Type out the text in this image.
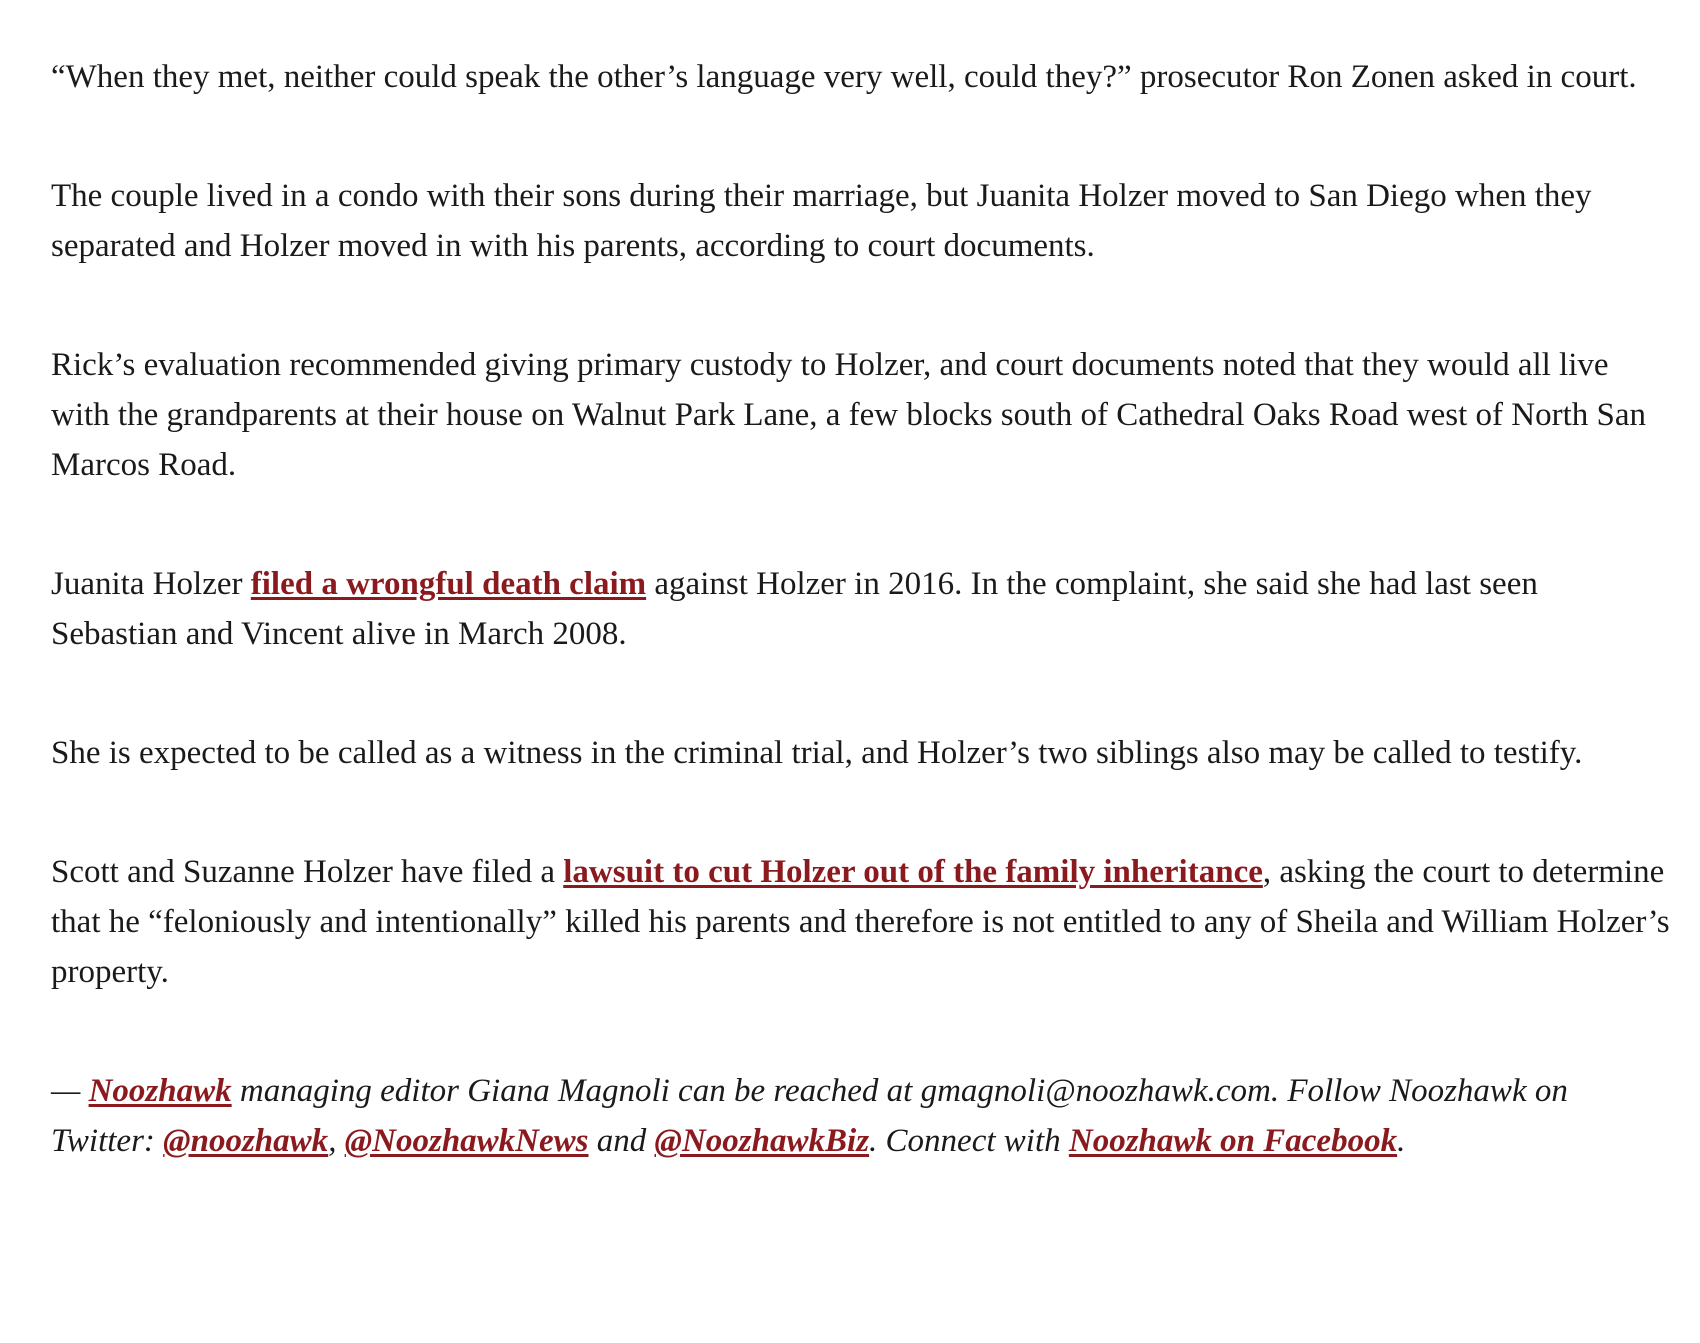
“When they met, neither could speak the other’s language very well, could they?” prosecutor Ron Zonen asked in court.

The couple lived in a condo with their sons during their marriage, but Juanita Holzer moved to San Diego when they separated and Holzer moved in with his parents, according to court documents.

Rick’s evaluation recommended giving primary custody to Holzer, and court documents noted that they would all live with the grandparents at their house on Walnut Park Lane, a few blocks south of Cathedral Oaks Road west of North San Marcos Road.

Juanita Holzer filed a wrongful death claim against Holzer in 2016. In the complaint, she said she had last seen Sebastian and Vincent alive in March 2008.

She is expected to be called as a witness in the criminal trial, and Holzer’s two siblings also may be called to testify.

Scott and Suzanne Holzer have filed a lawsuit to cut Holzer out of the family inheritance, asking the court to determine that he “feloniously and intentionally” killed his parents and therefore is not entitled to any of Sheila and William Holzer’s property.

— Noozhawk managing editor Giana Magnoli can be reached at gmagnoli@noozhawk.com. Follow Noozhawk on Twitter: @noozhawk, @NoozhawkNews and @NoozhawkBiz. Connect with Noozhawk on Facebook.
